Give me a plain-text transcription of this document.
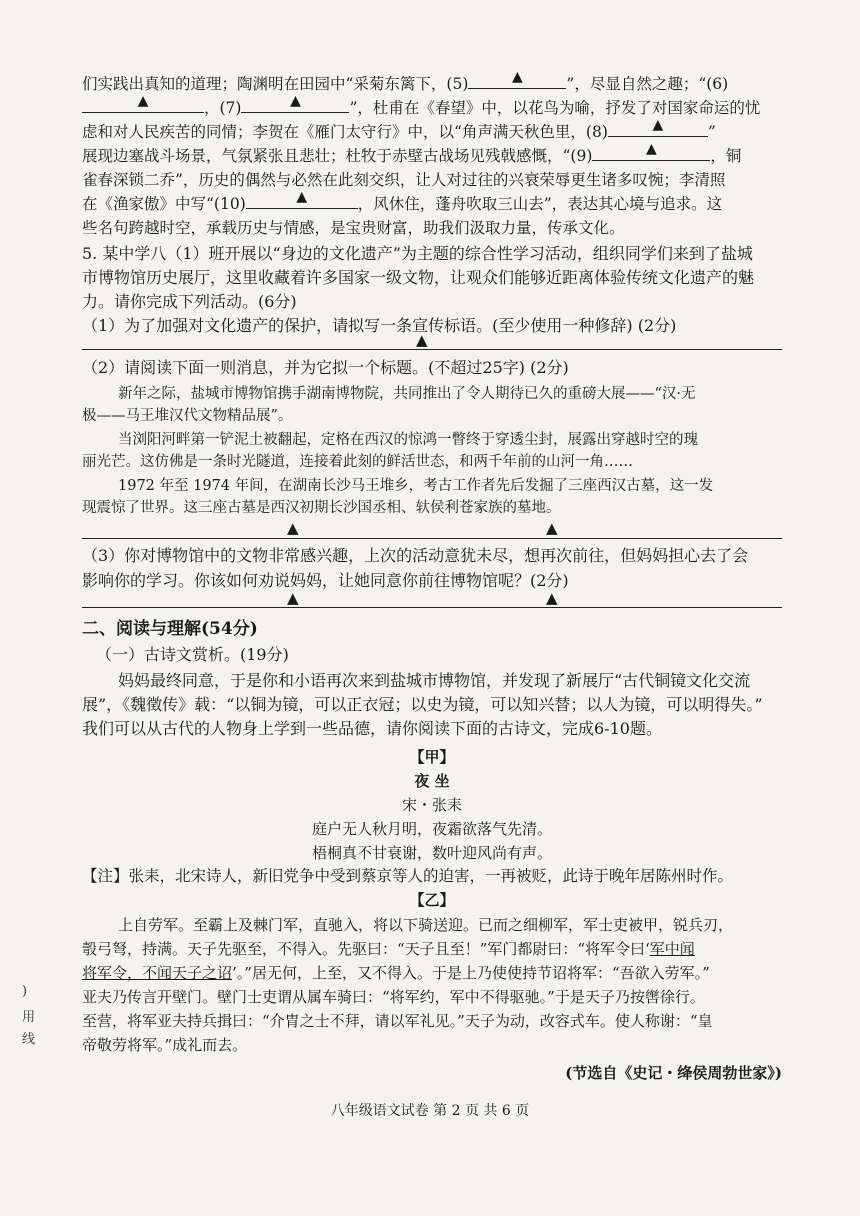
们实践出真知的道理；陶渊明在田园中“采菊东篱下，(5)	▲	”，尽显自然之趣；“(6)
▲	，(7)	▲	”，杜甫在《春望》中，以花鸟为喻，抒发了对国家命运的忧
虑和对人民疾苦的同情；李贺在《雁门太守行》中，以“角声满天秋色里，(8)	▲	”
展现边塞战斗场景，气氛紧张且悲壮；杜牧于赤壁古战场见残戟感慨，“(9)	▲	，铜
雀春深锁二乔”，历史的偶然与必然在此刻交织，让人对过往的兴衰荣辱更生诸多叹惋；李清照
在《渔家傲》中写“(10)	▲	，风休住，蓬舟吹取三山去”，表达其心境与追求。这
些名句跨越时空，承载历史与情感，是宝贵财富，助我们汲取力量，传承文化。
5. 某中学八（1）班开展以“身边的文化遗产”为主题的综合性学习活动，组织同学们来到了盐城
市博物馆历史展厅，这里收藏着许多国家一级文物，让观众们能够近距离体验传统文化遗产的魅
力。请你完成下列活动。(6分)
（1）为了加强对文化遗产的保护，请拟写一条宣传标语。(至少使用一种修辞) (2分)
▲
（2）请阅读下面一则消息，并为它拟一个标题。(不超过25字) (2分)
新年之际，盐城市博物馆携手湖南博物院，共同推出了令人期待已久的重磅大展——“汉·无
极——马王堆汉代文物精品展”。
当浏阳河畔第一铲泥土被翻起，定格在西汉的惊鸿一瞥终于穿透尘封，展露出穿越时空的瑰
丽光芒。这仿佛是一条时光隧道，连接着此刻的鲜活世态，和两千年前的山河一角……
1972 年至 1974 年间，在湖南长沙马王堆乡，考古工作者先后发掘了三座西汉古墓，这一发
现震惊了世界。这三座古墓是西汉初期长沙国丞相、轪侯利苍家族的墓地。
▲	▲
（3）你对博物馆中的文物非常感兴趣，上次的活动意犹未尽，想再次前往，但妈妈担心去了会
影响你的学习。你该如何劝说妈妈，让她同意你前往博物馆呢？(2分)
▲	▲
二、阅读与理解(54分)
（一）古诗文赏析。(19分)
妈妈最终同意，于是你和小语再次来到盐城市博物馆，并发现了新展厅“古代铜镜文化交流
展”，《魏徵传》载：“以铜为镜，可以正衣冠；以史为镜，可以知兴替；以人为镜，可以明得失。”
我们可以从古代的人物身上学到一些品德，请你阅读下面的古诗文，完成6-10题。
【甲】
夜 坐
宋・张耒
庭户无人秋月明，夜霜欲落气先清。
梧桐真不甘衰谢，数叶迎风尚有声。
【注】张耒，北宋诗人，新旧党争中受到蔡京等人的迫害，一再被贬，此诗于晚年居陈州时作。
【乙】
上自劳军。至霸上及棘门军，直驰入，将以下骑送迎。已而之细柳军，军士吏被甲，锐兵刃，
彀弓弩，持满。天子先驱至，不得入。先驱曰：“天子且至！”军门都尉曰：“将军令曰‘军中闻
将军令，不闻天子之诏’。”居无何，上至，又不得入。于是上乃使使持节诏将军：“吾欲入劳军。”
亚夫乃传言开壁门。壁门士吏谓从属车骑曰：“将军约，军中不得驱驰。”于是天子乃按辔徐行。
至营，将军亚夫持兵揖曰：“介胄之士不拜，请以军礼见。”天子为动，改容式车。使人称谢：“皇
帝敬劳将军。”成礼而去。
(节选自《史记・绛侯周勃世家》)
)
用
线
八年级语文试卷 第 2 页 共 6 页
